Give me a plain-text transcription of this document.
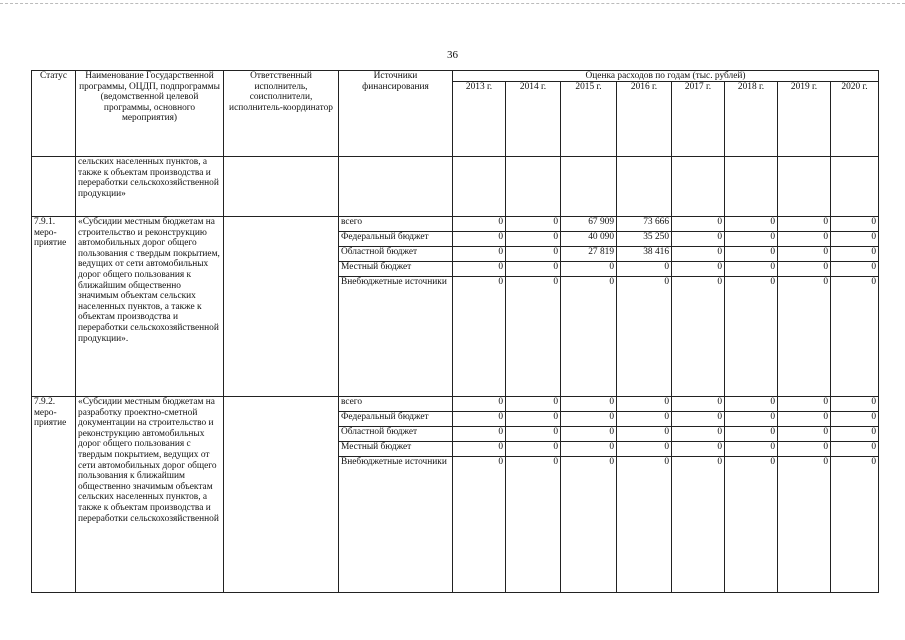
36
Статус	Наименование Государственной программы, ОЦДП, подпрограммы (ведомственной целевой программы, основного мероприятия)	Ответственный исполнитель, соисполнители, исполнитель-координатор	Источники финансирования	Оценка расходов по годам (тыс. рублей)							
				2013 г.	2014 г.	2015 г.	2016 г.	2017 г.	2018 г.	2019 г.	2020 г.
	сельских населенных пунктов, а также к объектам производства и переработки сельскохозяйственной продукции»										
7.9.1. меро-приятие	«Субсидии местным бюджетам на строительство и реконструкцию автомобильных дорог общего пользования с твердым покрытием, ведущих от сети автомобильных дорог общего пользования к ближайшим общественно значимым объектам сельских населенных пунктов, а также к объектам производства и переработки сельскохозяйственной продукции».		всего	0	0	67 909	73 666	0	0	0	0
			Федеральный бюджет	0	0	40 090	35 250	0	0	0	0
			Областной бюджет	0	0	27 819	38 416	0	0	0	0
			Местный бюджет	0	0	0	0	0	0	0	0
			Внебюджетные источники	0	0	0	0	0	0	0	0
7.9.2. меро-приятие	«Субсидии местным бюджетам на разработку проектно-сметной документации на строительство и реконструкцию автомобильных дорог общего пользования с твердым покрытием, ведущих от сети автомобильных дорог общего пользования к ближайшим общественно значимым объектам сельских населенных пунктов, а также к объектам производства и переработки сельскохозяйственной		всего	0	0	0	0	0	0	0	0
			Федеральный бюджет	0	0	0	0	0	0	0	0
			Областной бюджет	0	0	0	0	0	0	0	0
			Местный бюджет	0	0	0	0	0	0	0	0
			Внебюджетные источники	0	0	0	0	0	0	0	0
